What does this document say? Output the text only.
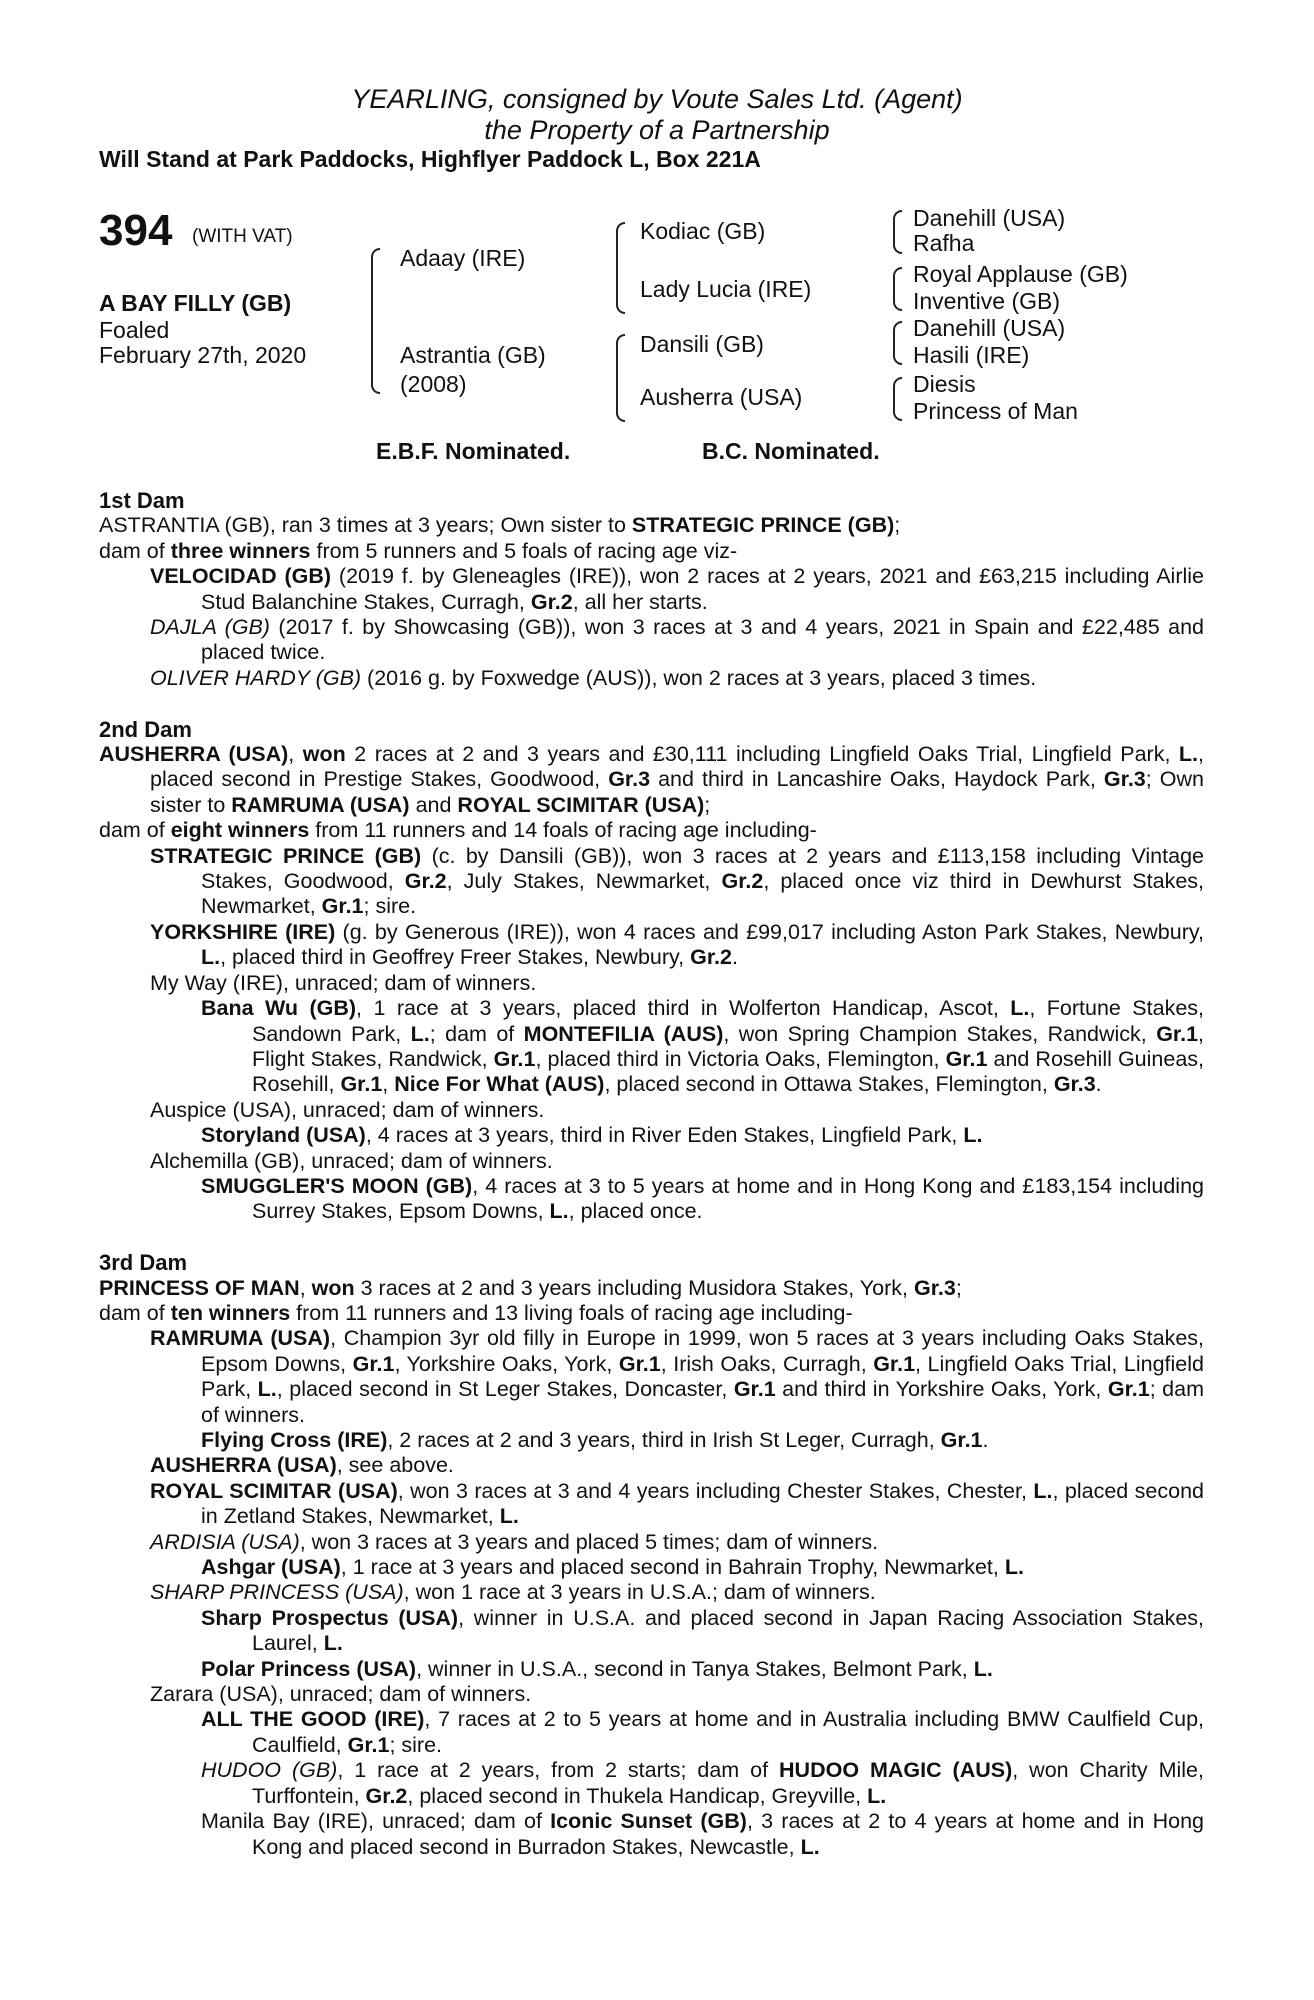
YEARLING, consigned by Voute Sales Ltd. (Agent)
the Property of a Partnership
Will Stand at Park Paddocks, Highflyer Paddock L, Box 221A
394 (WITH VAT)
A BAY FILLY (GB)
Foaled
February 27th, 2020
Adaay (IRE)
Astrantia (GB)
(2008)
Kodiac (GB)
Lady Lucia (IRE)
Dansili (GB)
Ausherra (USA)
Danehill (USA)
Rafha
Royal Applause (GB)
Inventive (GB)
Danehill (USA)
Hasili (IRE)
Diesis
Princess of Man
E.B.F. Nominated.	B.C. Nominated.
1st Dam

ASTRANTIA (GB), ran 3 times at 3 years; Own sister to STRATEGIC PRINCE (GB);

dam of three winners from 5 runners and 5 foals of racing age viz-

VELOCIDAD (GB) (2019 f. by Gleneagles (IRE)), won 2 races at 2 years, 2021 and £63,215 including Airlie Stud Balanchine Stakes, Curragh, Gr.2, all her starts.

DAJLA (GB) (2017 f. by Showcasing (GB)), won 3 races at 3 and 4 years, 2021 in Spain and £22,485 and placed twice.

OLIVER HARDY (GB) (2016 g. by Foxwedge (AUS)), won 2 races at 3 years, placed 3 times.

2nd Dam

AUSHERRA (USA), won 2 races at 2 and 3 years and £30,111 including Lingfield Oaks Trial, Lingfield Park, L., placed second in Prestige Stakes, Goodwood, Gr.3 and third in Lancashire Oaks, Haydock Park, Gr.3; Own sister to RAMRUMA (USA) and ROYAL SCIMITAR (USA);

dam of eight winners from 11 runners and 14 foals of racing age including-

STRATEGIC PRINCE (GB) (c. by Dansili (GB)), won 3 races at 2 years and £113,158 including Vintage Stakes, Goodwood, Gr.2, July Stakes, Newmarket, Gr.2, placed once viz third in Dewhurst Stakes, Newmarket, Gr.1; sire.

YORKSHIRE (IRE) (g. by Generous (IRE)), won 4 races and £99,017 including Aston Park Stakes, Newbury, L., placed third in Geoffrey Freer Stakes, Newbury, Gr.2.

My Way (IRE), unraced; dam of winners.

Bana Wu (GB), 1 race at 3 years, placed third in Wolferton Handicap, Ascot, L., Fortune Stakes, Sandown Park, L.; dam of MONTEFILIA (AUS), won Spring Champion Stakes, Randwick, Gr.1, Flight Stakes, Randwick, Gr.1, placed third in Victoria Oaks, Flemington, Gr.1 and Rosehill Guineas, Rosehill, Gr.1, Nice For What (AUS), placed second in Ottawa Stakes, Flemington, Gr.3.

Auspice (USA), unraced; dam of winners.

Storyland (USA), 4 races at 3 years, third in River Eden Stakes, Lingfield Park, L.

Alchemilla (GB), unraced; dam of winners.

SMUGGLER'S MOON (GB), 4 races at 3 to 5 years at home and in Hong Kong and £183,154 including Surrey Stakes, Epsom Downs, L., placed once.

3rd Dam

PRINCESS OF MAN, won 3 races at 2 and 3 years including Musidora Stakes, York, Gr.3;

dam of ten winners from 11 runners and 13 living foals of racing age including-

RAMRUMA (USA), Champion 3yr old filly in Europe in 1999, won 5 races at 3 years including Oaks Stakes, Epsom Downs, Gr.1, Yorkshire Oaks, York, Gr.1, Irish Oaks, Curragh, Gr.1, Lingfield Oaks Trial, Lingfield Park, L., placed second in St Leger Stakes, Doncaster, Gr.1 and third in Yorkshire Oaks, York, Gr.1; dam of winners.

Flying Cross (IRE), 2 races at 2 and 3 years, third in Irish St Leger, Curragh, Gr.1.

AUSHERRA (USA), see above.

ROYAL SCIMITAR (USA), won 3 races at 3 and 4 years including Chester Stakes, Chester, L., placed second in Zetland Stakes, Newmarket, L.

ARDISIA (USA), won 3 races at 3 years and placed 5 times; dam of winners.

Ashgar (USA), 1 race at 3 years and placed second in Bahrain Trophy, Newmarket, L.

SHARP PRINCESS (USA), won 1 race at 3 years in U.S.A.; dam of winners.

Sharp Prospectus (USA), winner in U.S.A. and placed second in Japan Racing Association Stakes, Laurel, L.

Polar Princess (USA), winner in U.S.A., second in Tanya Stakes, Belmont Park, L.

Zarara (USA), unraced; dam of winners.

ALL THE GOOD (IRE), 7 races at 2 to 5 years at home and in Australia including BMW Caulfield Cup, Caulfield, Gr.1; sire.

HUDOO (GB), 1 race at 2 years, from 2 starts; dam of HUDOO MAGIC (AUS), won Charity Mile, Turffontein, Gr.2, placed second in Thukela Handicap, Greyville, L.

Manila Bay (IRE), unraced; dam of Iconic Sunset (GB), 3 races at 2 to 4 years at home and in Hong Kong and placed second in Burradon Stakes, Newcastle, L.
